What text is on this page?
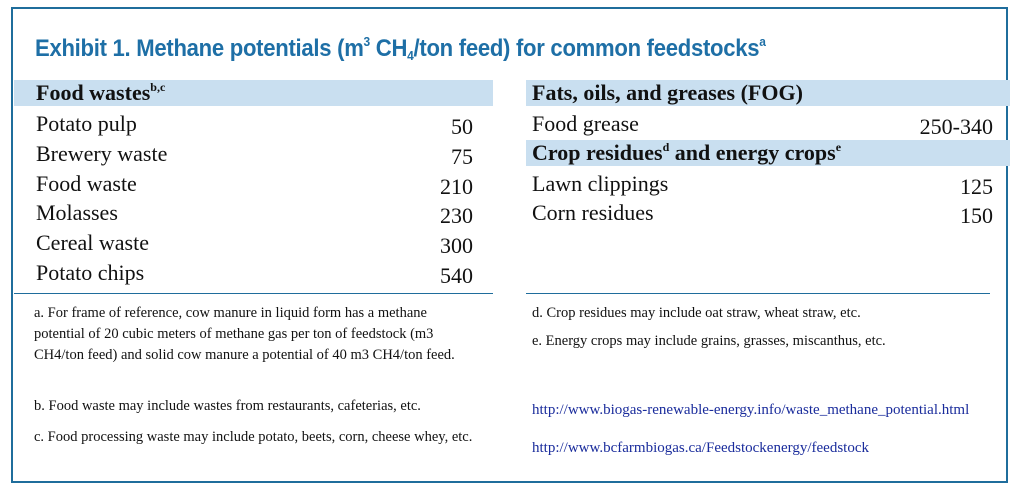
Exhibit 1. Methane potentials ($m^3$ $CH_4$/ton feed) for common feedstocks$^a$
Food wastes$^{b,c}$
Potato pulp	50
Brewery waste	75
Food waste	210
Molasses	230
Cereal waste	300
Potato chips	540
Fats, oils, and greases (FOG)
Food grease	250-340
Crop residues$^d$ and energy crops$^e$
Lawn clippings	125
Corn residues	150
a. For frame of reference, cow manure in liquid form has a methane potential of 20 cubic meters of methane gas per ton of feedstock (m3 CH4/ton feed) and solid cow manure a potential of 40 m3 CH4/ton feed.
b. Food waste may include wastes from restaurants, cafeterias, etc.
c. Food processing waste may include potato, beets, corn, cheese whey, etc.
d. Crop residues may include oat straw, wheat straw, etc.
e. Energy crops may include grains, grasses, miscanthus, etc.
http://www.biogas-renewable-energy.info/waste_methane_potential.html
http://www.bcfarmbiogas.ca/Feedstockenergy/feedstock
